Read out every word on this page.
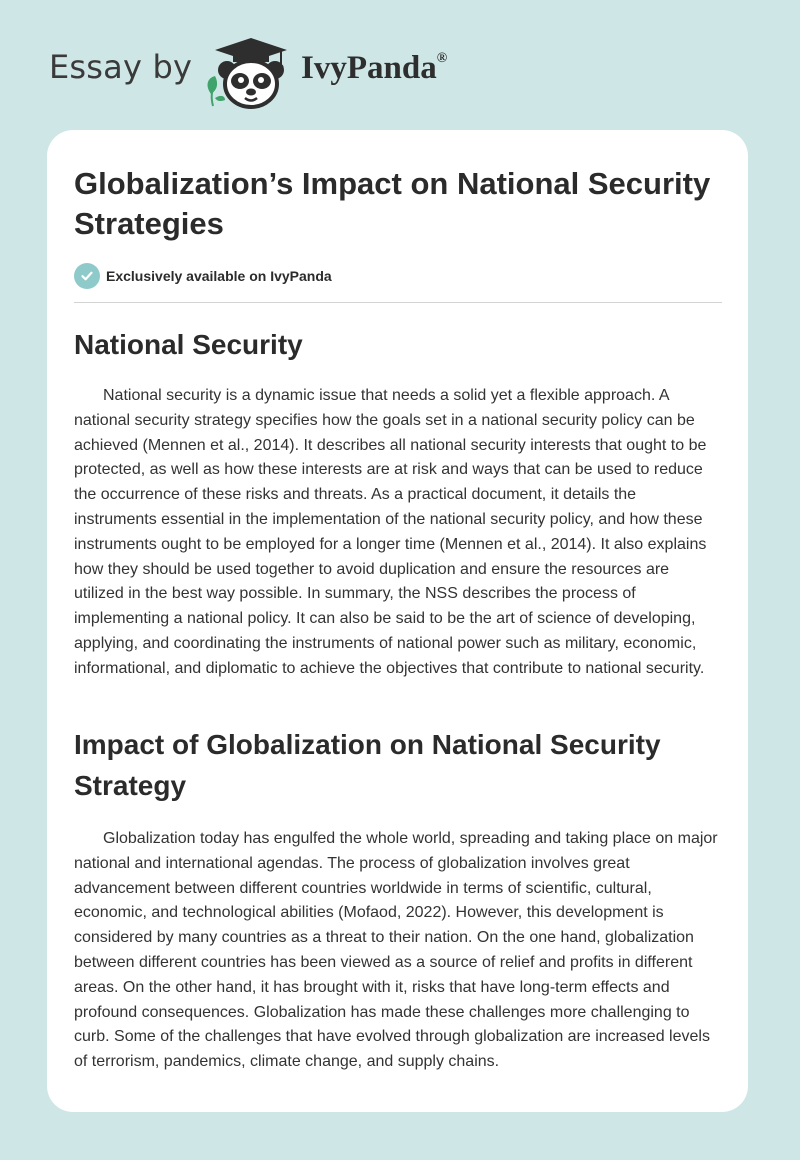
Essay by	IvyPanda®
Globalization’s Impact on National Security Strategies
Exclusively available on IvyPanda
National Security

National security is a dynamic issue that needs a solid yet a flexible approach. A national security strategy specifies how the goals set in a national security policy can be achieved (Mennen et al., 2014). It describes all national security interests that ought to be protected, as well as how these interests are at risk and ways that can be used to reduce the occurrence of these risks and threats. As a practical document, it details the instruments essential in the implementation of the national security policy, and how these instruments ought to be employed for a longer time (Mennen et al., 2014). It also explains how they should be used together to avoid duplication and ensure the resources are utilized in the best way possible. In summary, the NSS describes the process of implementing a national policy. It can also be said to be the art of science of developing, applying, and coordinating the instruments of national power such as military, economic, informational, and diplomatic to achieve the objectives that contribute to national security.

Impact of Globalization on National Security Strategy

Globalization today has engulfed the whole world, spreading and taking place on major national and international agendas. The process of globalization involves great advancement between different countries worldwide in terms of scientific, cultural, economic, and technological abilities (Mofaod, 2022). However, this development is considered by many countries as a threat to their nation. On the one hand, globalization between different countries has been viewed as a source of relief and profits in different areas. On the other hand, it has brought with it, risks that have long-term effects and profound consequences. Globalization has made these challenges more challenging to curb. Some of the challenges that have evolved through globalization are increased levels of terrorism, pandemics, climate change, and supply chains.
